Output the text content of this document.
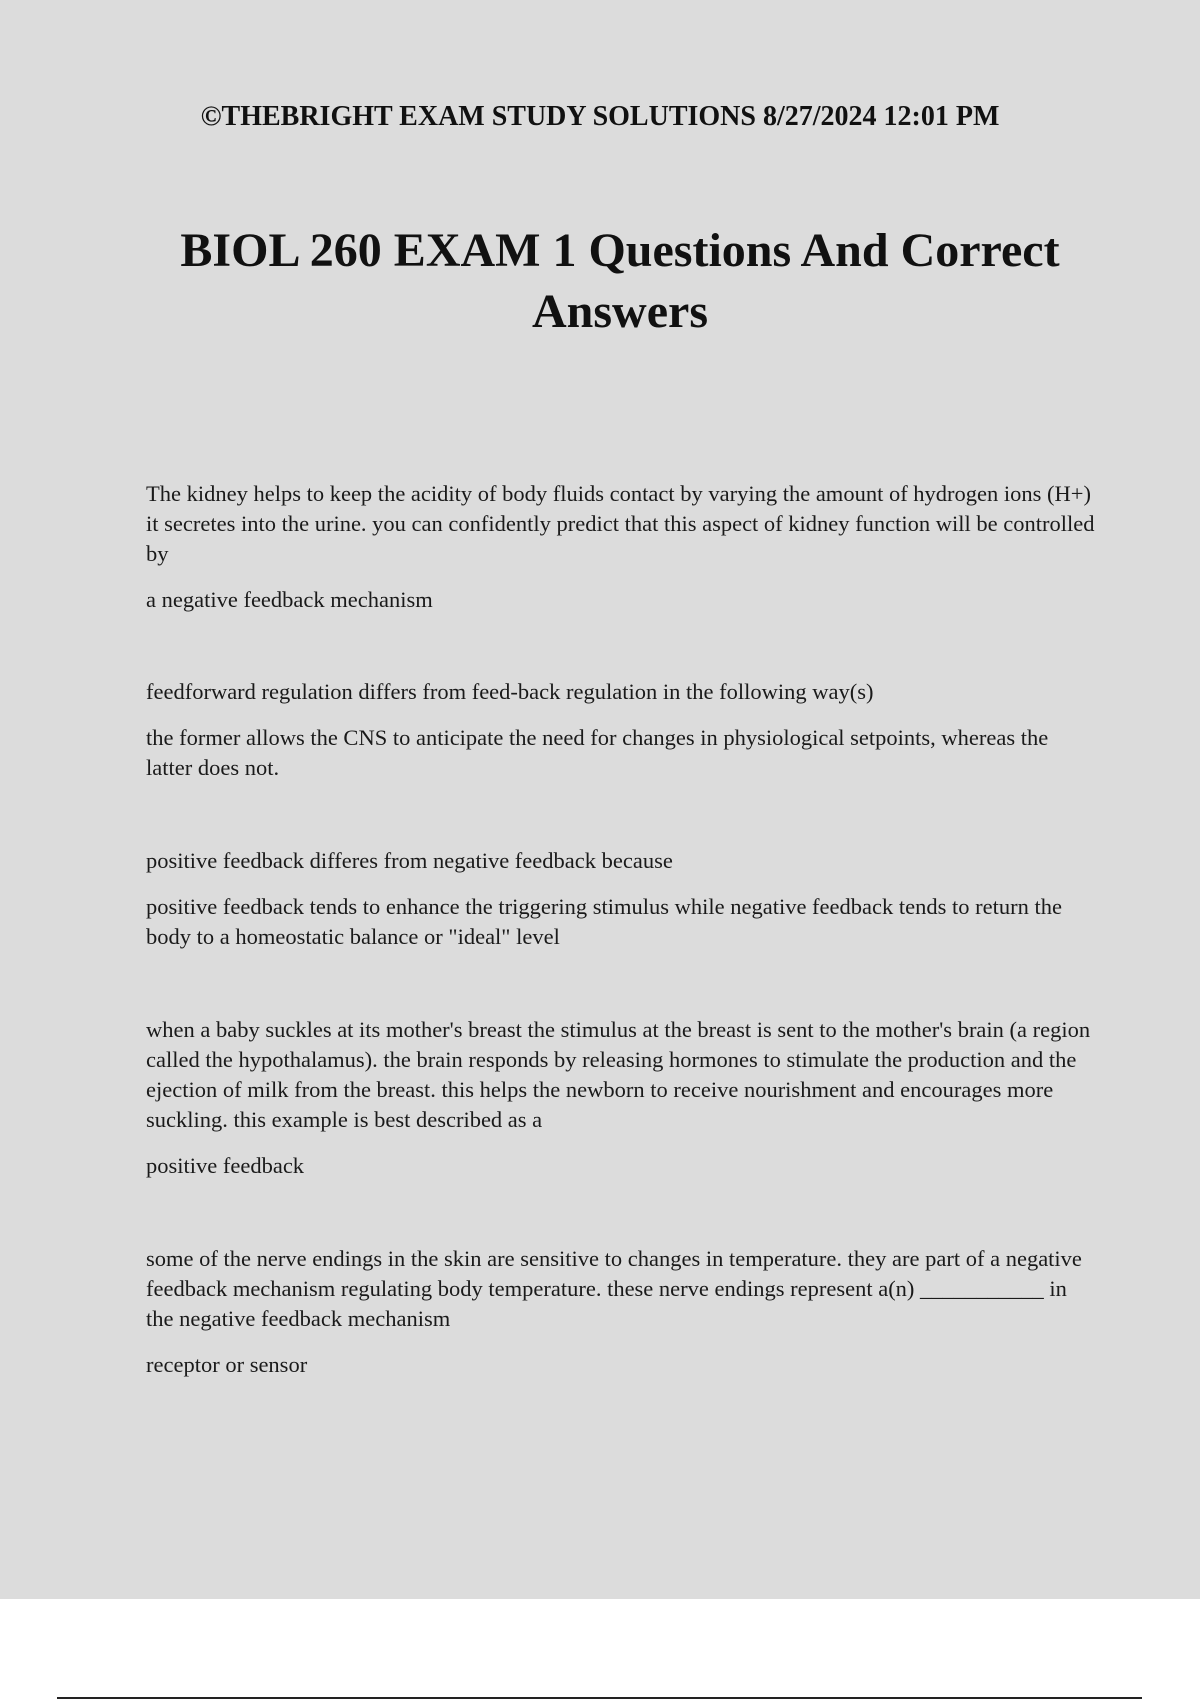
©THEBRIGHT EXAM STUDY SOLUTIONS 8/27/2024 12:01 PM
BIOL 260 EXAM 1 Questions And Correct
Answers

The kidney helps to keep the acidity of body fluids contact by varying the amount of hydrogen ions (H+) it secretes into the urine. you can confidently predict that this aspect of kidney function will be controlled by

a negative feedback mechanism

feedforward regulation differs from feed-back regulation in the following way(s)

the former allows the CNS to anticipate the need for changes in physiological setpoints, whereas the latter does not.

positive feedback differes from negative feedback because

positive feedback tends to enhance the triggering stimulus while negative feedback tends to return the body to a homeostatic balance or "ideal" level

when a baby suckles at its mother's breast the stimulus at the breast is sent to the mother's brain (a region called the hypothalamus). the brain responds by releasing hormones to stimulate the production and the ejection of milk from the breast. this helps the newborn to receive nourishment and encourages more suckling. this example is best described as a

positive feedback

some of the nerve endings in the skin are sensitive to changes in temperature. they are part of a negative feedback mechanism regulating body temperature. these nerve endings represent a(n) ___________ in the negative feedback mechanism

receptor or sensor
